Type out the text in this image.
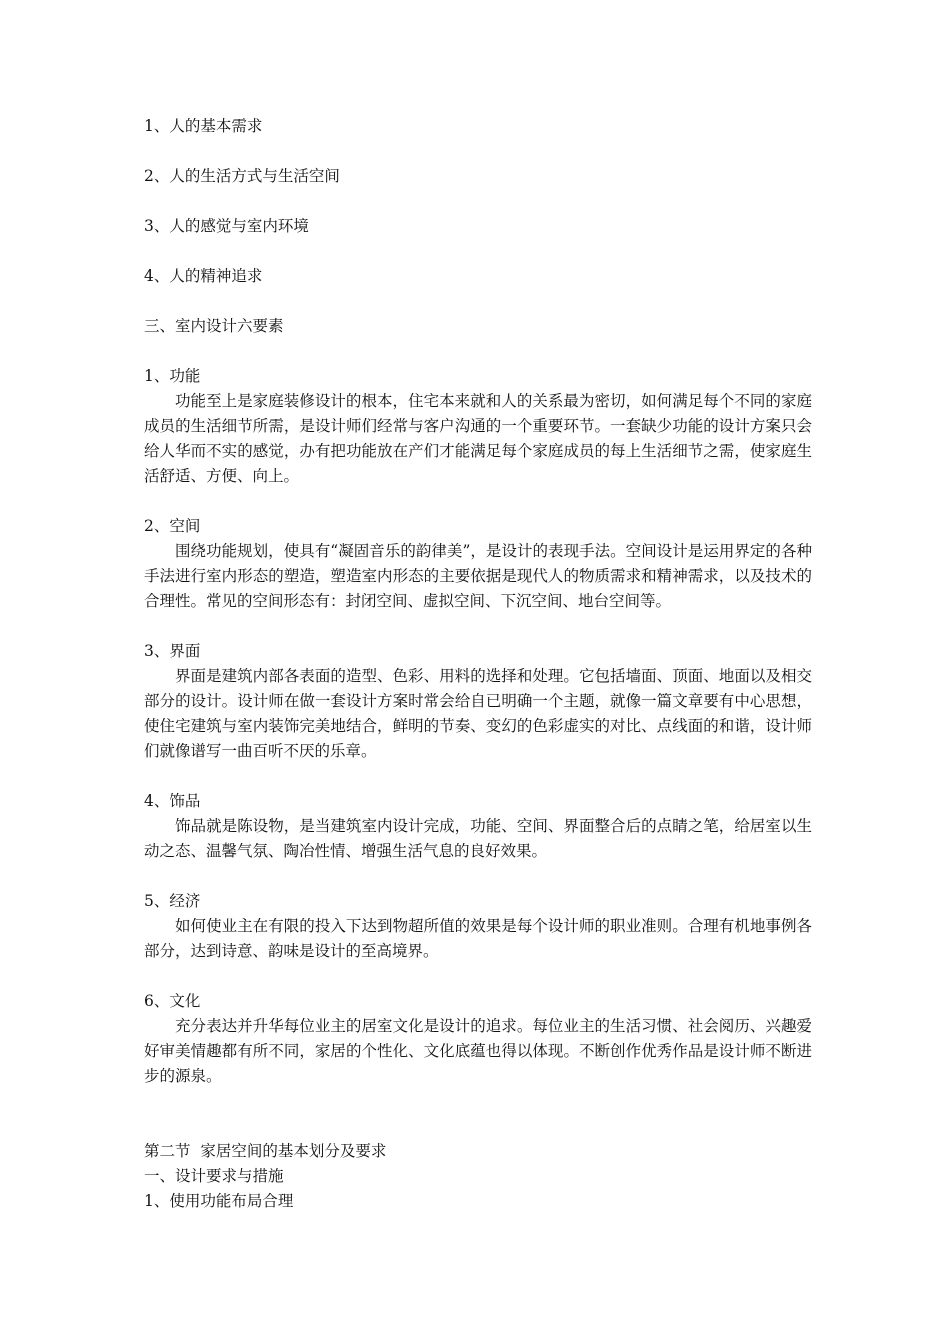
1、人的基本需求

2、人的生活方式与生活空间

3、人的感觉与室内环境

4、人的精神追求

三、室内设计六要素

1、功能

功能至上是家庭装修设计的根本，住宅本来就和人的关系最为密切，如何满足每个不同的家庭成员的生活细节所需，是设计师们经常与客户沟通的一个重要环节。一套缺少功能的设计方案只会给人华而不实的感觉，办有把功能放在产们才能满足每个家庭成员的每上生活细节之需，使家庭生活舒适、方便、向上。

2、空间

围绕功能规划，使具有“凝固音乐的韵律美”，是设计的表现手法。空间设计是运用界定的各种手法进行室内形态的塑造，塑造室内形态的主要依据是现代人的物质需求和精神需求，以及技术的合理性。常见的空间形态有：封闭空间、虚拟空间、下沉空间、地台空间等。

3、界面

界面是建筑内部各表面的造型、色彩、用料的选择和处理。它包括墙面、顶面、地面以及相交部分的设计。设计师在做一套设计方案时常会给自已明确一个主题，就像一篇文章要有中心思想，使住宅建筑与室内装饰完美地结合，鲜明的节奏、变幻的色彩虚实的对比、点线面的和谐，设计师们就像谱写一曲百听不厌的乐章。

4、饰品

饰品就是陈设物，是当建筑室内设计完成，功能、空间、界面整合后的点睛之笔，给居室以生动之态、温馨气氛、陶冶性情、增强生活气息的良好效果。

5、经济

如何使业主在有限的投入下达到物超所值的效果是每个设计师的职业准则。合理有机地事例各部分，达到诗意、韵味是设计的至高境界。

6、文化

充分表达并升华每位业主的居室文化是设计的追求。每位业主的生活习惯、社会阅历、兴趣爱好审美情趣都有所不同，家居的个性化、文化底蕴也得以体现。不断创作优秀作品是设计师不断进步的源泉。

第二节  家居空间的基本划分及要求

一、设计要求与措施

1、使用功能布局合理
